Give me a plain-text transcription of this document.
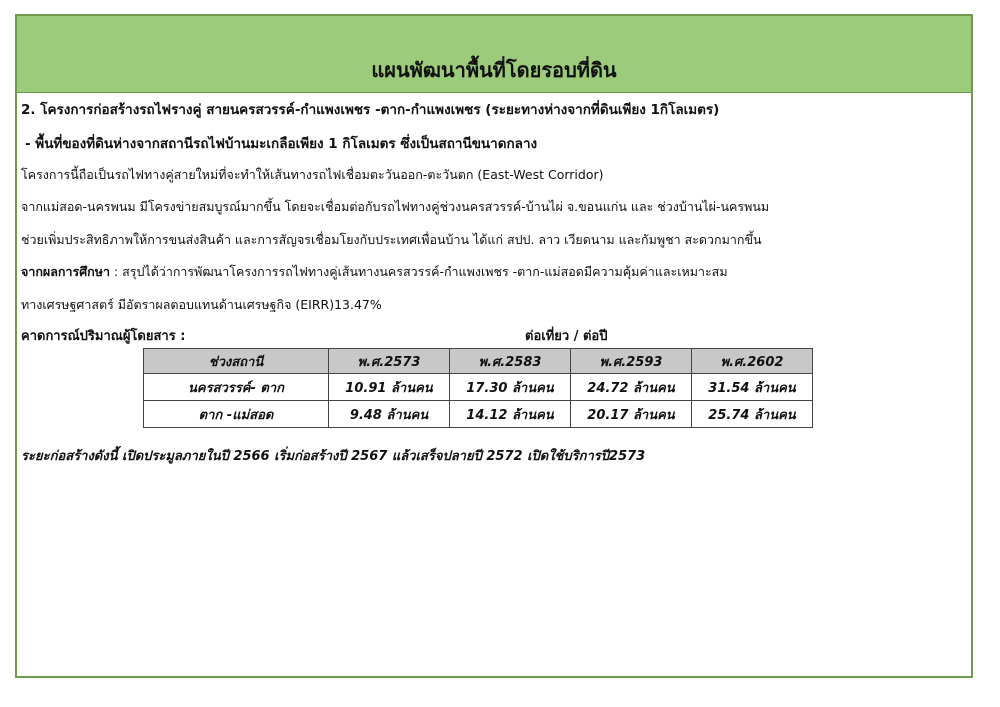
แผนพัฒนาพื้นที่โดยรอบที่ดิน
2. โครงการก่อสร้างรถไฟรางคู่ สายนครสวรรค์-กำแพงเพชร -ตาก-กำแพงเพชร (ระยะทางห่างจากที่ดินเพียง 1กิโลเมตร)
- พื้นที่ของที่ดินห่างจากสถานีรถไฟบ้านมะเกลือเพียง 1 กิโลเมตร ซึ่งเป็นสถานีขนาดกลาง
โครงการนี้ถือเป็นรถไฟทางคู่สายใหม่ที่จะทำให้เส้นทางรถไฟเชื่อมตะวันออก-ตะวันตก (East-West Corridor)
จากแม่สอด-นครพนม มีโครงข่ายสมบูรณ์มากขึ้น โดยจะเชื่อมต่อกับรถไฟทางคู่ช่วงนครสวรรค์-บ้านไผ่ จ.ขอนแก่น และ ช่วงบ้านไผ่-นครพนม
ช่วยเพิ่มประสิทธิภาพให้การขนส่งสินค้า และการสัญจรเชื่อมโยงกับประเทศเพื่อนบ้าน ได้แก่ สปป. ลาว เวียดนาม และกัมพูชา สะดวกมากขึ้น
จากผลการศึกษา : สรุปได้ว่าการพัฒนาโครงการรถไฟทางคู่เส้นทางนครสวรรค์-กำแพงเพชร -ตาก-แม่สอดมีความคุ้มค่าและเหมาะสม
ทางเศรษฐศาสตร์ มีอัตราผลตอบแทนด้านเศรษฐกิจ (EIRR)13.47%
คาดการณ์ปริมาณผู้โดยสาร :	ต่อเที่ยว / ต่อปี
ช่วงสถานี	พ.ศ.2573	พ.ศ.2583	พ.ศ.2593	พ.ศ.2602
นครสวรรค์- ตาก	10.91 ล้านคน	17.30 ล้านคน	24.72 ล้านคน	31.54 ล้านคน
ตาก -แม่สอด	9.48 ล้านคน	14.12 ล้านคน	20.17 ล้านคน	25.74 ล้านคน
ระยะก่อสร้างดังนี้ เปิดประมูลภายในปี 2566 เริ่มก่อสร้างปี 2567 แล้วเสร็จปลายปี 2572 เปิดใช้บริการปี2573
